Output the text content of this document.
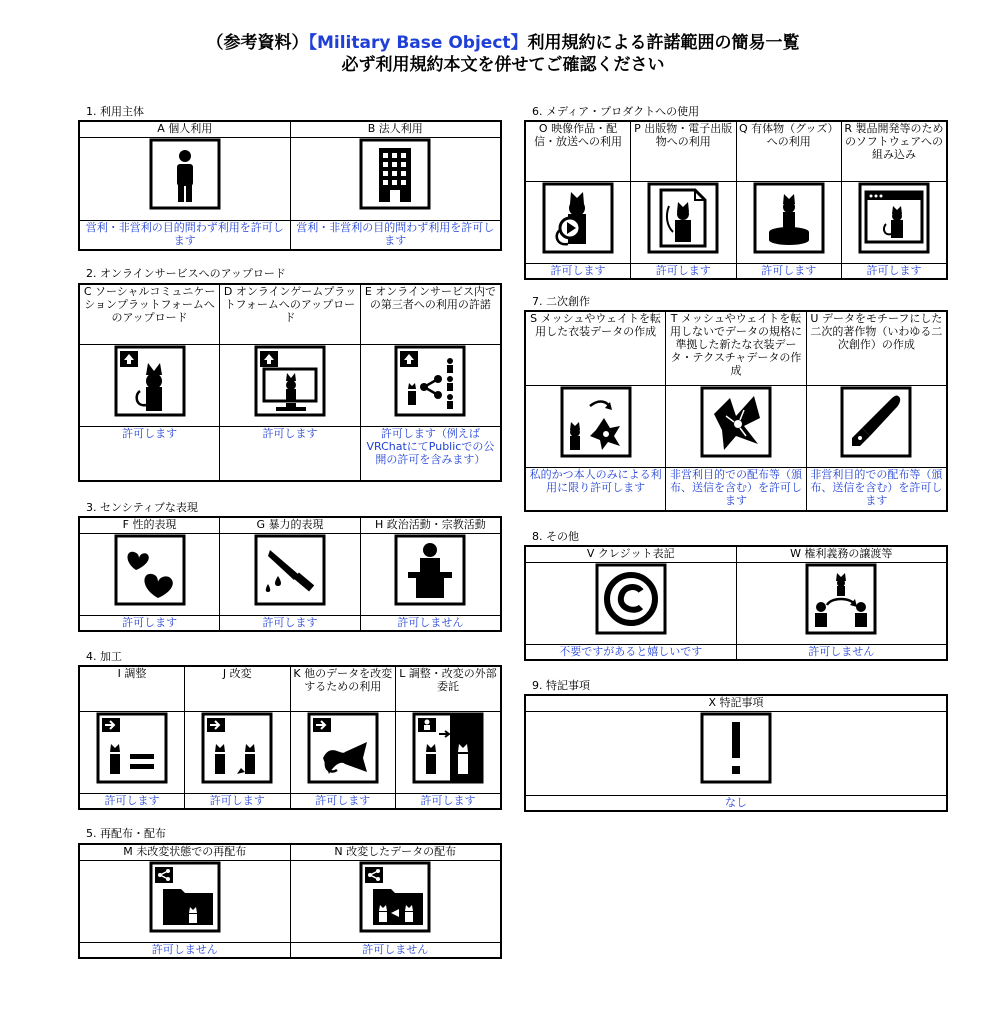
（参考資料）【Military Base Object】利用規約による許諾範囲の簡易一覧
必ず利用規約本文を併せてご確認ください
1. 利用主体
A 個人利用	B 法人利用

営利・非営利の目的問わず利用を許可します	営利・非営利の目的問わず利用を許可します
2. オンラインサービスへのアップロード
C ソーシャルコミュニケーションプラットフォームへのアップロード	D オンラインゲームプラットフォームへのアップロード	E オンラインサービス内での第三者への利用の許諾

許可します	許可します	許可します（例えばVRChatにてPublicでの公開の許可を含みます）
3. センシティブな表現
F 性的表現	G 暴力的表現	H 政治活動・宗教活動

許可します	許可します	許可しません
4. 加工
I 調整	J 改変	K 他のデータを改変するための利用	L 調整・改変の外部委託

許可します	許可します	許可します	許可します
5. 再配布・配布
M 未改変状態での再配布	N 改変したデータの配布

許可しません	許可しません
6. メディア・プロダクトへの使用
O 映像作品・配信・放送への利用	P 出版物・電子出版物への利用	Q 有体物（グッズ）への利用	R 製品開発等のためのソフトウェアへの組み込み

許可します	許可します	許可します	許可します
7. 二次創作
S メッシュやウェイトを転用した衣装データの作成	T メッシュやウェイトを転用しないでデータの規格に準拠した新たな衣装データ・テクスチャデータの作成	U データをモチーフにした二次的著作物（いわゆる二次創作）の作成

私的かつ本人のみによる利用に限り許可します	非営利目的での配布等（頒布、送信を含む）を許可します	非営利目的での配布等（頒布、送信を含む）を許可します
8. その他
V クレジット表記	W 権利義務の譲渡等

不要ですがあると嬉しいです	許可しません
9. 特記事項
X 特記事項

なし
